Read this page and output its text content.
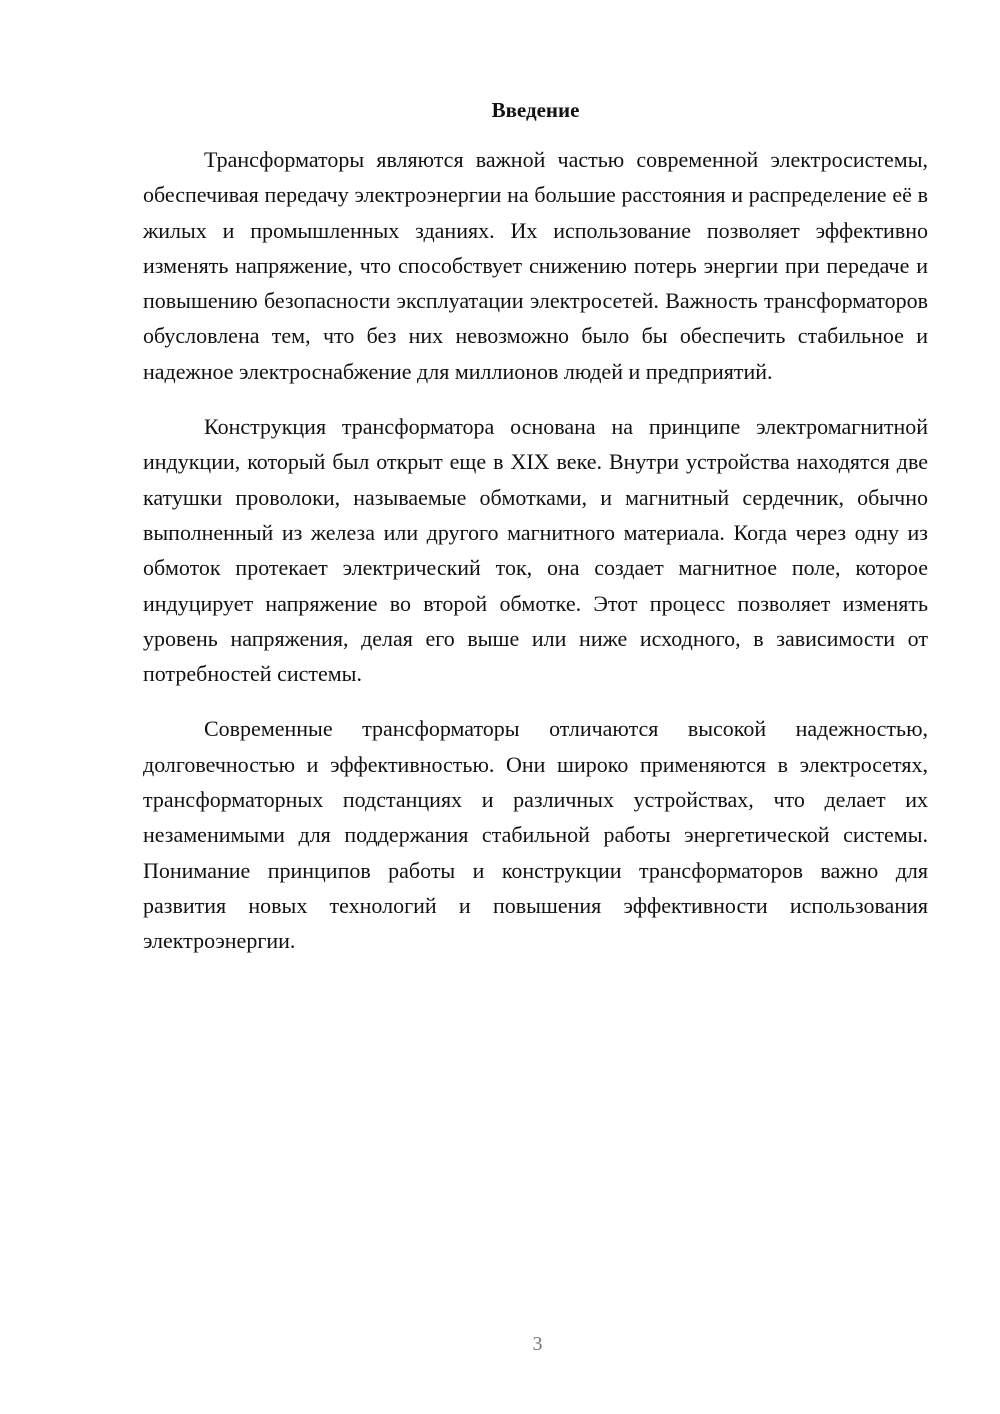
Введение

Трансформаторы являются важной частью современной электросистемы, обеспечивая передачу электроэнергии на большие расстояния и распределение её в жилых и промышленных зданиях. Их использование позволяет эффективно изменять напряжение, что способствует снижению потерь энергии при передаче и повышению безопасности эксплуатации электросетей. Важность трансформаторов обусловлена тем, что без них невозможно было бы обеспечить стабильное и надежное электроснабжение для миллионов людей и предприятий.

Конструкция трансформатора основана на принципе электромагнитной индукции, который был открыт еще в XIX веке. Внутри устройства находятся две катушки проволоки, называемые обмотками, и магнитный сердечник, обычно выполненный из железа или другого магнитного материала. Когда через одну из обмоток протекает электрический ток, она создает магнитное поле, которое индуцирует напряжение во второй обмотке. Этот процесс позволяет изменять уровень напряжения, делая его выше или ниже исходного, в зависимости от потребностей системы.

Современные трансформаторы отличаются высокой надежностью, долговечностью и эффективностью. Они широко применяются в электросетях, трансформаторных подстанциях и различных устройствах, что делает их незаменимыми для поддержания стабильной работы энергетической системы. Понимание принципов работы и конструкции трансформаторов важно для развития новых технологий и повышения эффективности использования электроэнергии.

3
